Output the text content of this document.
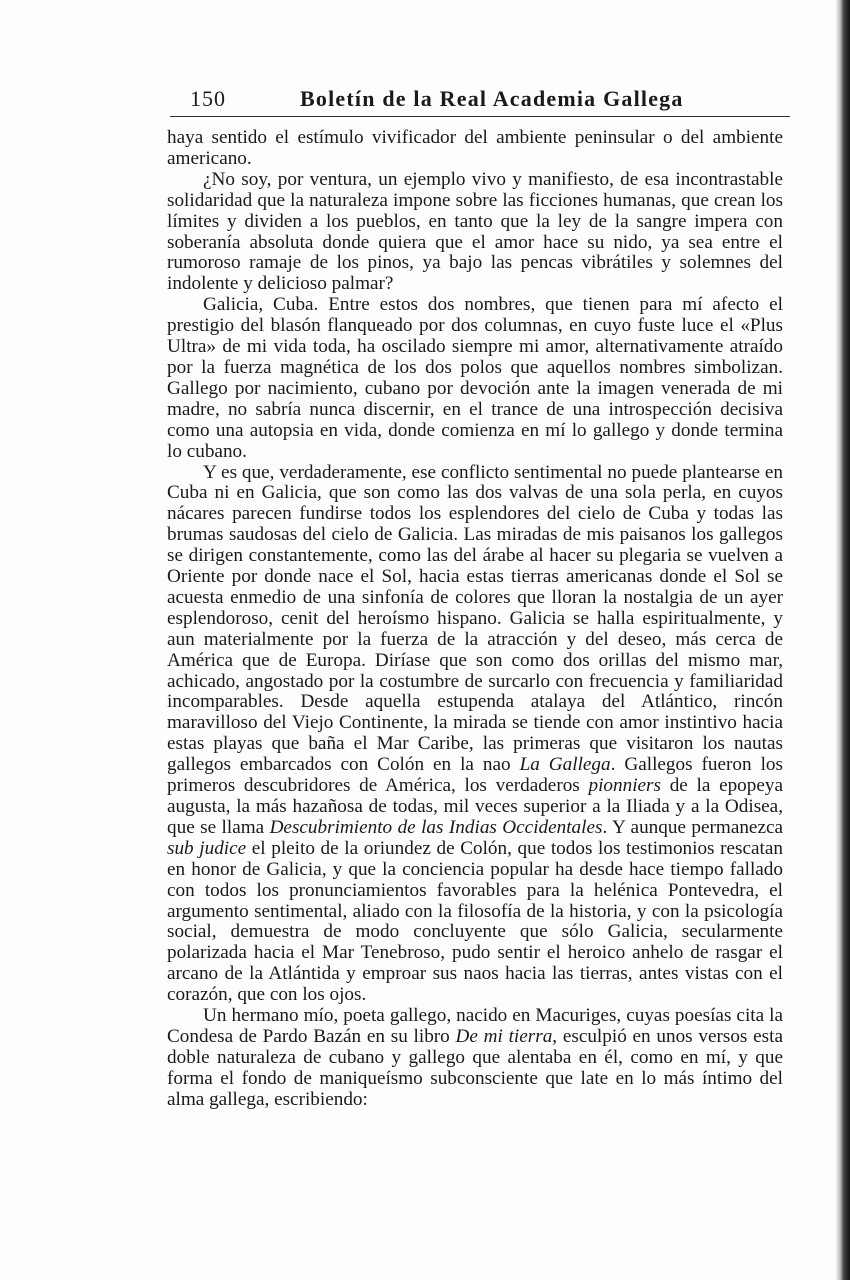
150	Boletín de la Real Academia Gallega

haya sentido el estímulo vivificador del ambiente peninsular o del ambiente americano.

¿No soy, por ventura, un ejemplo vivo y manifiesto, de esa incontrastable solidaridad que la naturaleza impone sobre las ficciones humanas, que crean los límites y dividen a los pueblos, en tanto que la ley de la sangre impera con soberanía absoluta donde quiera que el amor hace su nido, ya sea entre el rumoroso ramaje de los pinos, ya bajo las pencas vibrátiles y solemnes del indolente y delicioso palmar?

Galicia, Cuba. Entre estos dos nombres, que tienen para mí afecto el prestigio del blasón flanqueado por dos columnas, en cuyo fuste luce el «Plus Ultra» de mi vida toda, ha oscilado siempre mi amor, alternativamente atraído por la fuerza magnética de los dos polos que aquellos nombres simbolizan. Gallego por nacimiento, cubano por devoción ante la imagen venerada de mi madre, no sabría nunca discernir, en el trance de una introspección decisiva como una autopsia en vida, donde comienza en mí lo gallego y donde termina lo cubano.

Y es que, verdaderamente, ese conflicto sentimental no puede plantearse en Cuba ni en Galicia, que son como las dos valvas de una sola perla, en cuyos nácares parecen fundirse todos los esplendores del cielo de Cuba y todas las brumas saudosas del cielo de Galicia. Las miradas de mis paisanos los gallegos se dirigen constantemente, como las del árabe al hacer su plegaria se vuelven a Oriente por donde nace el Sol, hacia estas tierras americanas donde el Sol se acuesta enmedio de una sinfonía de colores que lloran la nostalgia de un ayer esplendoroso, cenit del heroísmo hispano. Galicia se halla espiritualmente, y aun materialmente por la fuerza de la atracción y del deseo, más cerca de América que de Europa. Diríase que son como dos orillas del mismo mar, achicado, angostado por la costumbre de surcarlo con frecuencia y familiaridad incomparables. Desde aquella estupenda atalaya del Atlántico, rincón maravilloso del Viejo Continente, la mirada se tiende con amor instintivo hacia estas playas que baña el Mar Caribe, las primeras que visitaron los nautas gallegos embarcados con Colón en la nao La Gallega. Gallegos fueron los primeros descubridores de América, los verdaderos pionniers de la epopeya augusta, la más hazañosa de todas, mil veces superior a la Iliada y a la Odisea, que se llama Descubrimiento de las Indias Occidentales. Y aunque permanezca sub judice el pleito de la oriundez de Colón, que todos los testimonios rescatan en honor de Galicia, y que la conciencia popular ha desde hace tiempo fallado con todos los pronunciamientos favorables para la helénica Pontevedra, el argumento sentimental, aliado con la filosofía de la historia, y con la psicología social, demuestra de modo concluyente que sólo Galicia, secularmente polarizada hacia el Mar Tenebroso, pudo sentir el heroico anhelo de rasgar el arcano de la Atlántida y emproar sus naos hacia las tierras, antes vistas con el corazón, que con los ojos.

Un hermano mío, poeta gallego, nacido en Macuriges, cuyas poesías cita la Condesa de Pardo Bazán en su libro De mi tierra, esculpió en unos versos esta doble naturaleza de cubano y gallego que alentaba en él, como en mí, y que forma el fondo de maniqueísmo subconsciente que late en lo más íntimo del alma gallega, escribiendo:
